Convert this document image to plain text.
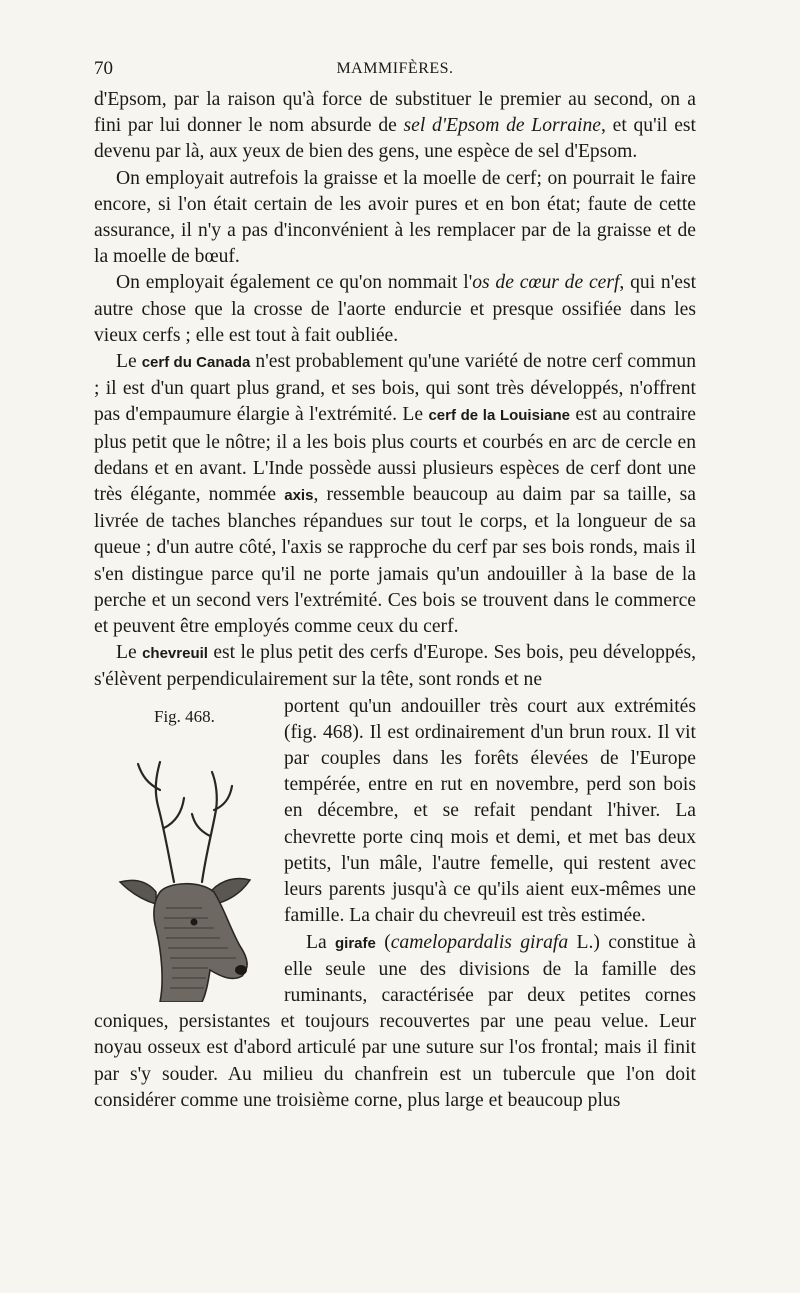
70	MAMMIFÈRES.

d'Epsom, par la raison qu'à force de substituer le premier au second, on a fini par lui donner le nom absurde de sel d'Epsom de Lorraine, et qu'il est devenu par là, aux yeux de bien des gens, une espèce de sel d'Epsom.

On employait autrefois la graisse et la moelle de cerf; on pourrait le faire encore, si l'on était certain de les avoir pures et en bon état; faute de cette assurance, il n'y a pas d'inconvénient à les remplacer par de la graisse et de la moelle de bœuf.

On employait également ce qu'on nommait l'os de cœur de cerf, qui n'est autre chose que la crosse de l'aorte endurcie et presque ossifiée dans les vieux cerfs ; elle est tout à fait oubliée.

Le cerf du Canada n'est probablement qu'une variété de notre cerf commun ; il est d'un quart plus grand, et ses bois, qui sont très développés, n'offrent pas d'empaumure élargie à l'extrémité. Le cerf de la Louisiane est au contraire plus petit que le nôtre; il a les bois plus courts et courbés en arc de cercle en dedans et en avant. L'Inde possède aussi plusieurs espèces de cerf dont une très élégante, nommée axis, ressemble beaucoup au daim par sa taille, sa livrée de taches blanches répandues sur tout le corps, et la longueur de sa queue ; d'un autre côté, l'axis se rapproche du cerf par ses bois ronds, mais il s'en distingue parce qu'il ne porte jamais qu'un andouiller à la base de la perche et un second vers l'extrémité. Ces bois se trouvent dans le commerce et peuvent être employés comme ceux du cerf.

Le chevreuil est le plus petit des cerfs d'Europe. Ses bois, peu développés, s'élèvent perpendiculairement sur la tête, sont ronds et ne

Fig. 468.	portent qu'un andouiller très court aux extrémités (fig. 468). Il est ordinairement d'un brun roux. Il vit par couples dans les forêts élevées de l'Europe tempérée, entre en rut en novembre, perd son bois en décembre, et se refait pendant l'hiver. La chevrette porte cinq mois et demi, et met bas deux petits, l'un mâle, l'autre femelle, qui restent avec leurs parents jusqu'à ce qu'ils aient eux-mêmes une famille. La chair du chevreuil est très estimée.

La girafe (camelopardalis girafa L.) constitue à elle seule une des divisions de la famille des ruminants, caractérisée par deux petites cornes coniques, persistantes et toujours recouvertes par une peau velue. Leur noyau osseux est d'abord articulé par une suture sur l'os frontal; mais il finit par s'y souder. Au milieu du chanfrein est un tubercule que l'on doit considérer comme une troisième corne, plus large et beaucoup plus
